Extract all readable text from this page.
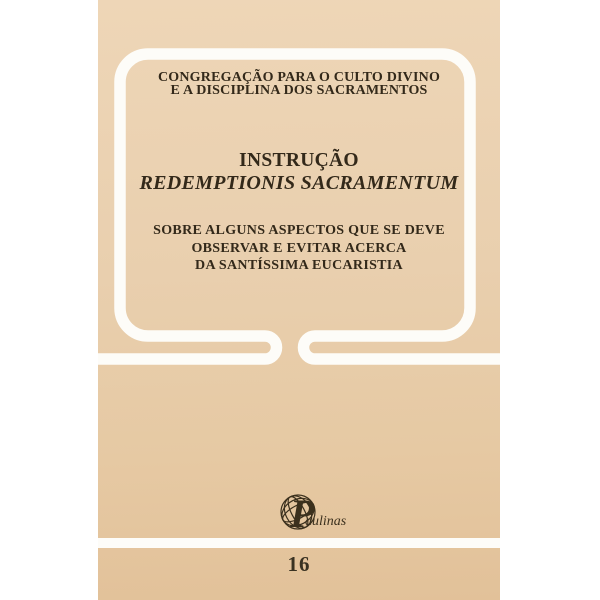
P
aulinas
CONGREGAÇÃO PARA O CULTO DIVINO
E A DISCIPLINA DOS SACRAMENTOS
INSTRUÇÃO
REDEMPTIONIS SACRAMENTUM
SOBRE ALGUNS ASPECTOS QUE SE DEVE
OBSERVAR E EVITAR ACERCA
DA SANTÍSSIMA EUCARISTIA
16
